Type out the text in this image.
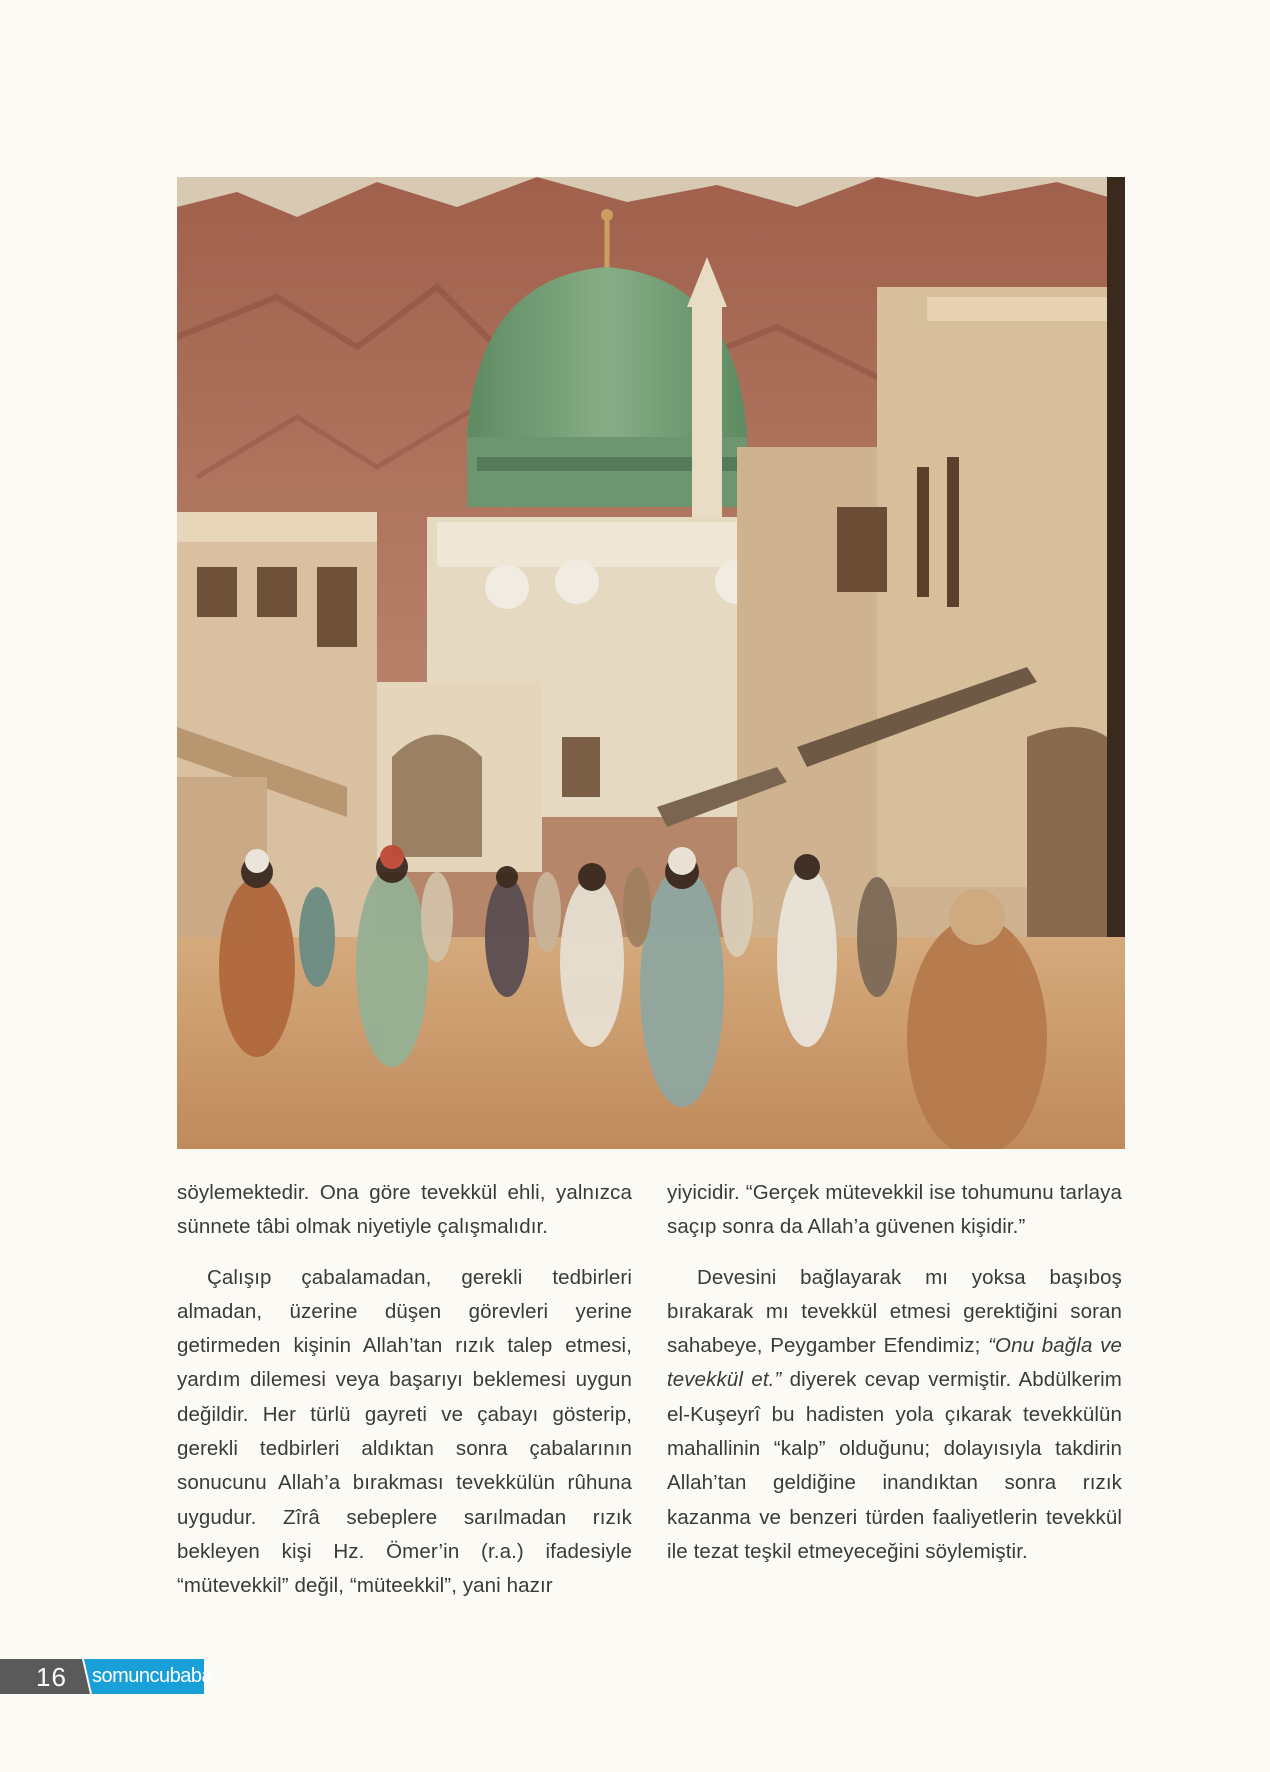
söylemektedir. Ona göre tevekkül ehli, yalnızca sünnete tâbi olmak niyetiyle çalışmalıdır.

Çalışıp çabalamadan, gerekli tedbirleri almadan, üzerine düşen görevleri yerine getirmeden kişinin Allah’tan rızık talep etmesi, yardım dilemesi veya başarıyı beklemesi uygun değildir. Her türlü gayreti ve çabayı gösterip, gerekli tedbirleri aldıktan sonra çabalarının sonucunu Allah’a bırakması tevekkülün rûhuna uygudur. Zîrâ sebeplere sarılmadan rızık bekleyen kişi Hz. Ömer’in (r.a.) ifadesiyle “mütevekkil” değil, “müteekkil”, yani hazır

yiyicidir. “Gerçek mütevekkil ise tohumunu tarlaya saçıp sonra da Allah’a güvenen kişidir.”

Devesini bağlayarak mı yoksa başıboş bırakarak mı tevekkül etmesi gerektiğini soran sahabeye, Peygamber Efendimiz; “Onu bağla ve tevekkül et.” diyerek cevap vermiştir. Abdülkerim el-Kuşeyrî bu hadisten yola çıkarak tevekkülün mahallinin “kalp” olduğunu; dolayısıyla takdirin Allah’tan geldiğine inandıktan sonra rızık kazanma ve benzeri türden faaliyetlerin tevekkül ile tezat teşkil etmeyeceğini söylemiştir.

16 somuncubaba
